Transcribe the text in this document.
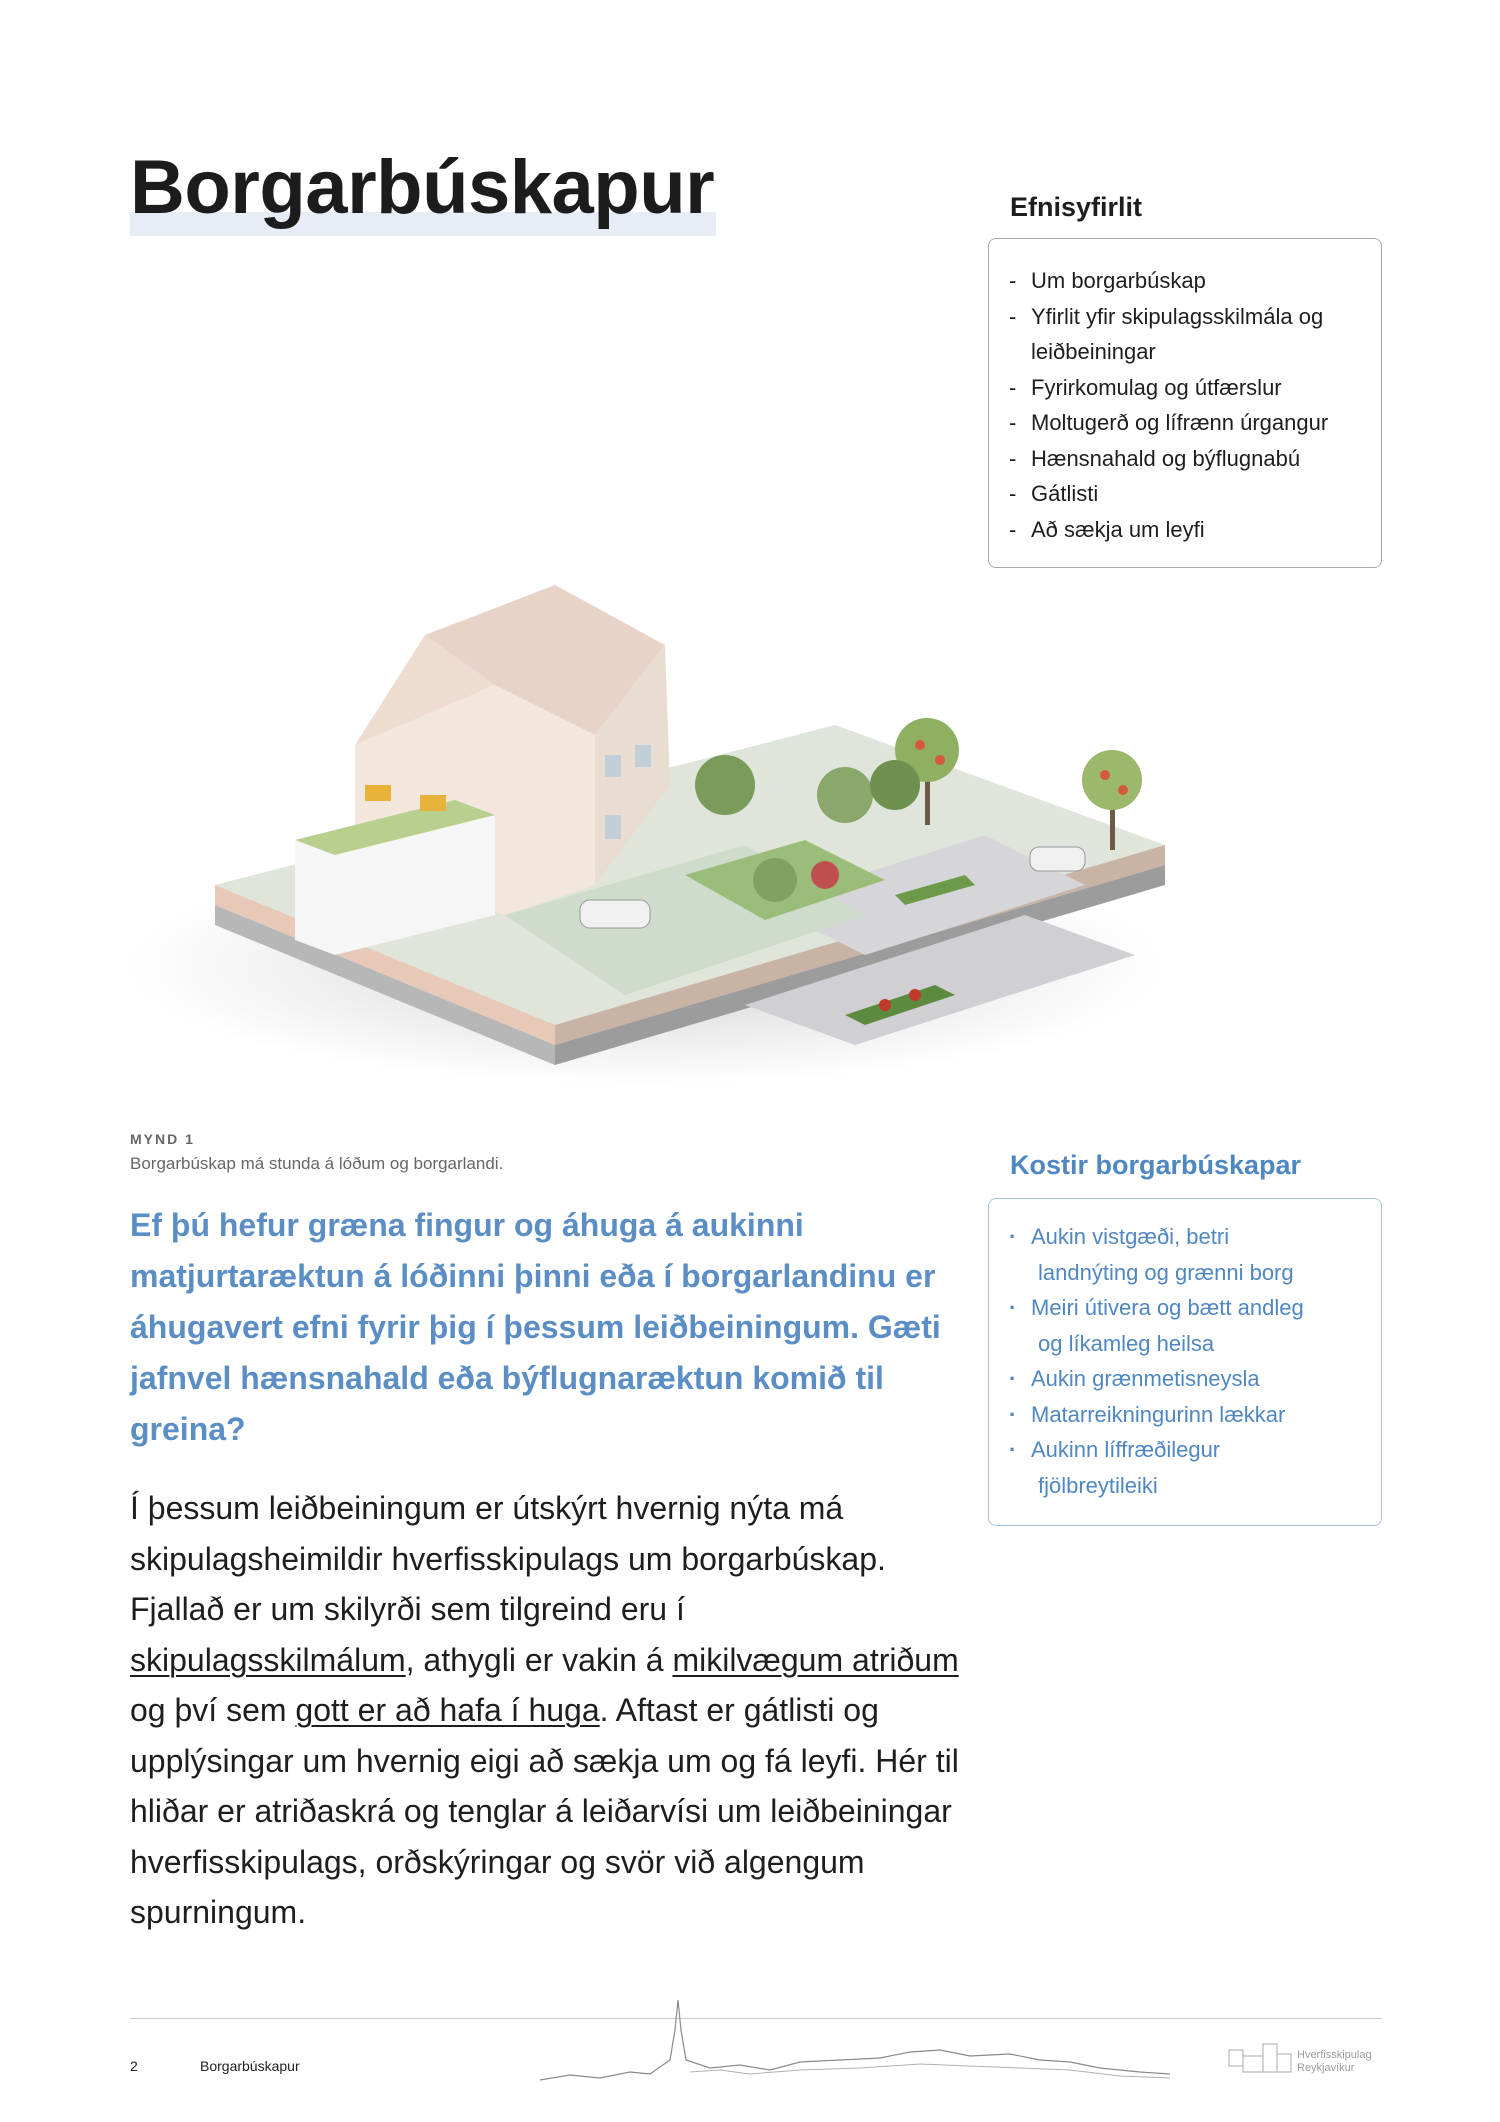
Borgarbúskapur	Efnisyfirlit
- Um borgarbúskap
- Yfirlit yfir skipulagsskilmála og leiðbeiningar
- Fyrirkomulag og útfærslur
- Moltugerð og lífrænn úrgangur
- Hænsnahald og býflugnabú
- Gátlisti
- Að sækja um leyfi
MYND 1
Borgarbúskap má stunda á lóðum og borgarlandi.

Ef þú hefur græna fingur og áhuga á aukinni matjurtaræktun á lóðinni þinni eða í borgarlandinu er áhugavert efni fyrir þig í þessum leiðbeiningum. Gæti jafnvel hænsnahald eða býflugnaræktun komið til greina?

Í þessum leiðbeiningum er útskýrt hvernig nýta má skipulagsheimildir hverfisskipulags um borgarbúskap. Fjallað er um skilyrði sem tilgreind eru í skipulagsskilmálum, athygli er vakin á mikilvægum atriðum og því sem gott er að hafa í huga. Aftast er gátlisti og upplýsingar um hvernig eigi að sækja um og fá leyfi. Hér til hliðar er atriðaskrá og tenglar á leiðarvísi um leiðbeiningar hverfisskipulags, orðskýringar og svör við algengum spurningum.

Kostir borgarbúskapar
· Aukin vistgæði, betri
landnýting og grænni borg
· Meiri útivera og bætt andleg
og líkamleg heilsa
· Aukin grænmetisneysla
· Matarreikningurinn lækkar
· Aukinn líffræðilegur
fjölbreytileiki
2	Borgarbúskapur
Hverfisskipulag
Reykjavíkur
